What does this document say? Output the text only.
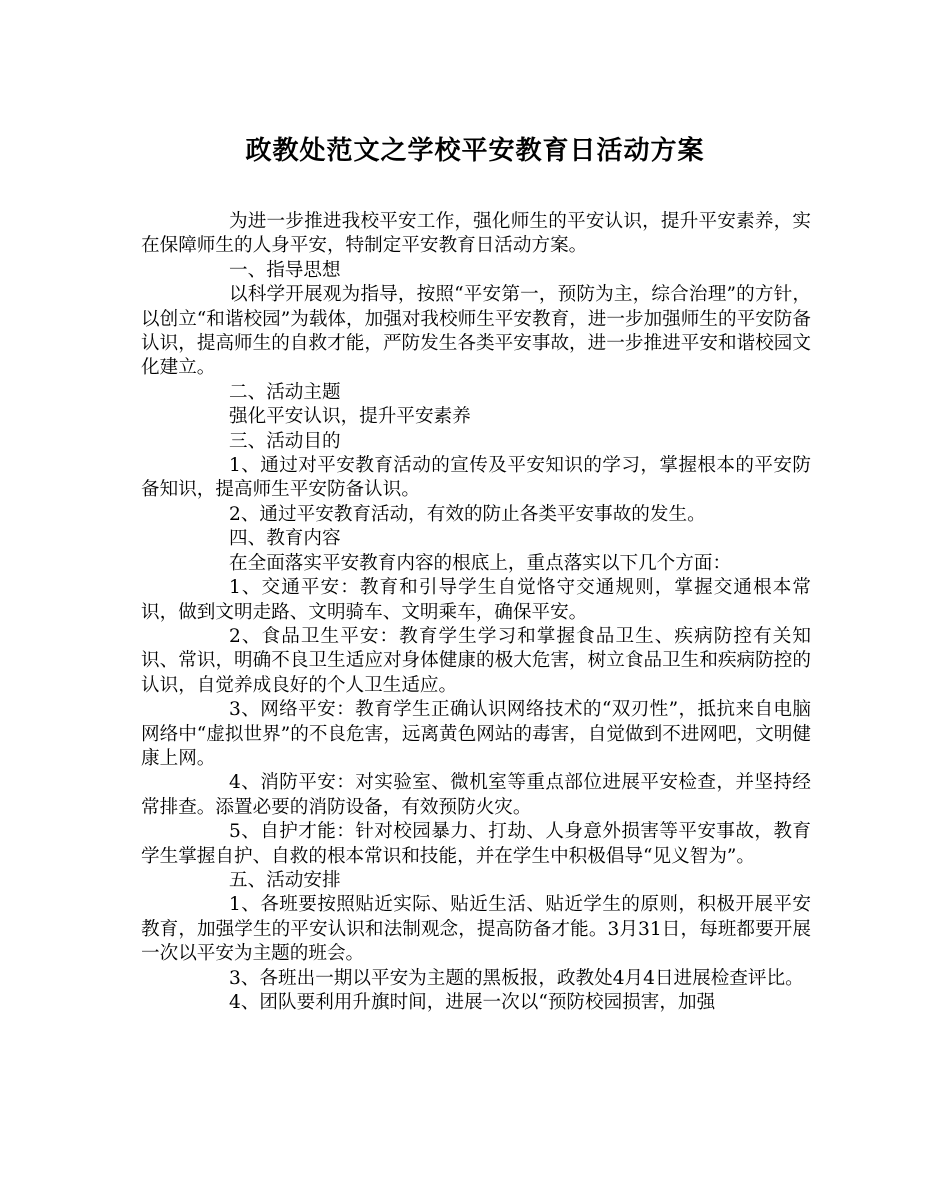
政教处范文之学校平安教育日活动方案

为进一步推进我校平安工作，强化师生的平安认识，提升平安素养，实在保障师生的人身平安，特制定平安教育日活动方案。

一、指导思想

以科学开展观为指导，按照“平安第一，预防为主，综合治理”的方针，以创立“和谐校园”为载体，加强对我校师生平安教育，进一步加强师生的平安防备认识，提高师生的自救才能，严防发生各类平安事故，进一步推进平安和谐校园文化建立。

二、活动主题

强化平安认识，提升平安素养

三、活动目的

1、通过对平安教育活动的宣传及平安知识的学习，掌握根本的平安防备知识，提高师生平安防备认识。

2、通过平安教育活动，有效的防止各类平安事故的发生。

四、教育内容

在全面落实平安教育内容的根底上，重点落实以下几个方面：

1、交通平安：教育和引导学生自觉恪守交通规则，掌握交通根本常识，做到文明走路、文明骑车、文明乘车，确保平安。

2、食品卫生平安：教育学生学习和掌握食品卫生、疾病防控有关知识、常识，明确不良卫生适应对身体健康的极大危害，树立食品卫生和疾病防控的认识，自觉养成良好的个人卫生适应。

3、网络平安：教育学生正确认识网络技术的“双刃性”，抵抗来自电脑网络中“虚拟世界”的不良危害，远离黄色网站的毒害，自觉做到不进网吧，文明健康上网。

4、消防平安：对实验室、微机室等重点部位进展平安检查，并坚持经常排查。添置必要的消防设备，有效预防火灾。

5、自护才能：针对校园暴力、打劫、人身意外损害等平安事故，教育学生掌握自护、自救的根本常识和技能，并在学生中积极倡导“见义智为”。

五、活动安排

1、各班要按照贴近实际、贴近生活、贴近学生的原则，积极开展平安教育，加强学生的平安认识和法制观念，提高防备才能。3月31日，每班都要开展一次以平安为主题的班会。

3、各班出一期以平安为主题的黑板报，政教处4月4日进展检查评比。

4、团队要利用升旗时间，进展一次以“预防校园损害，加强
